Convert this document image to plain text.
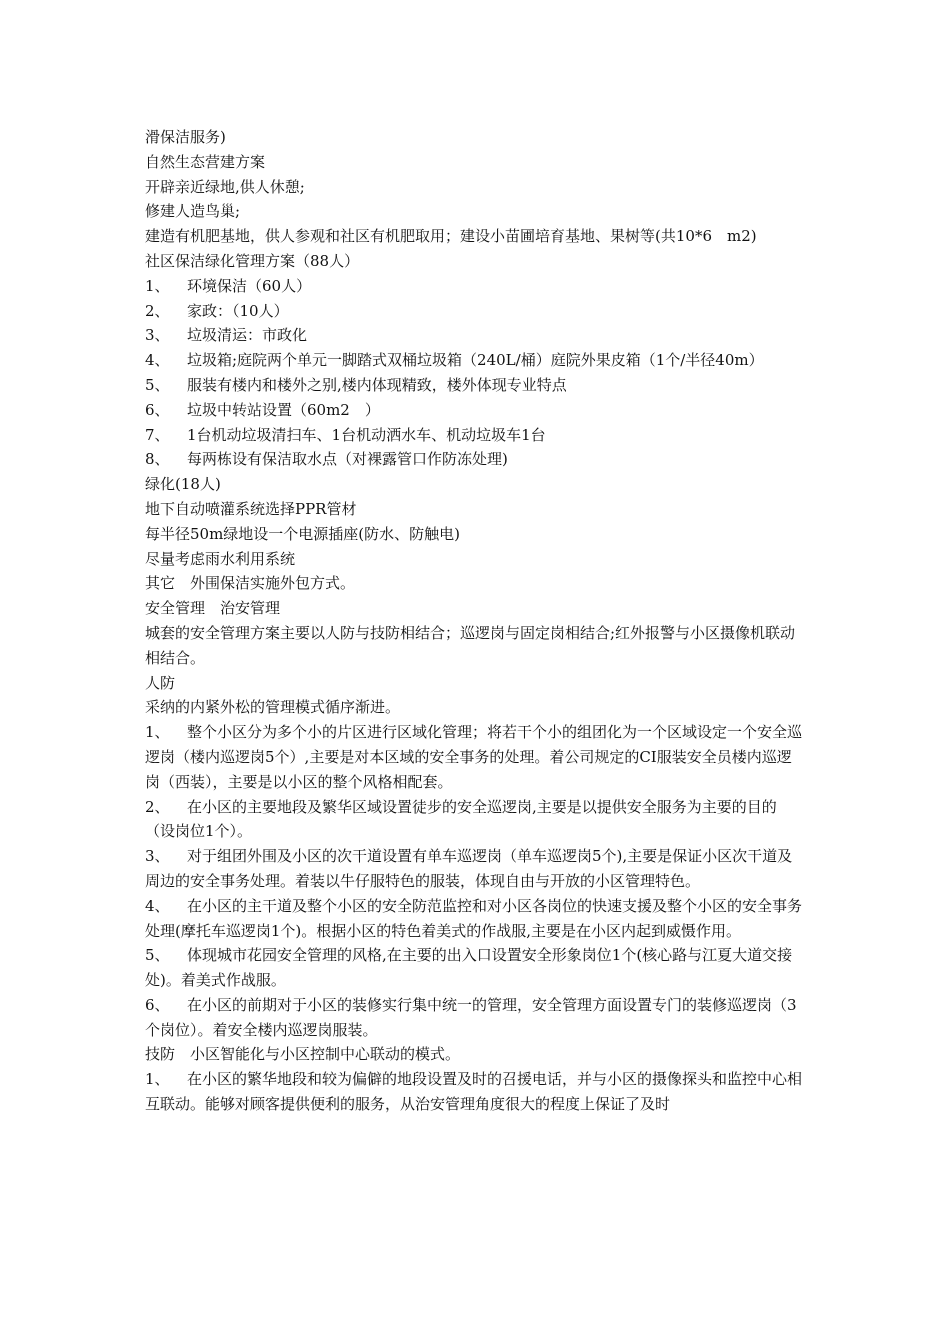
滑保洁服务)

自然生态营建方案

开辟亲近绿地,供人休憩;

修建人造鸟巢;

建造有机肥基地，供人参观和社区有机肥取用；建设小苗圃培育基地、果树等(共10*6　m2)

社区保洁绿化管理方案（88人）

1、 环境保洁（60人）

2、 家政：（10人）

3、 垃圾清运：市政化

4、 垃圾箱;庭院两个单元一脚踏式双桶垃圾箱（240L/桶）庭院外果皮箱（1个/半径40m）

5、 服装有楼内和楼外之别,楼内体现精致，楼外体现专业特点

6、 垃圾中转站设置（60m2　）

7、 1台机动垃圾清扫车、1台机动洒水车、机动垃圾车1台

8、 每两栋设有保洁取水点（对裸露管口作防冻处理)

绿化(18人)

地下自动喷灌系统选择PPR管材

每半径50m绿地设一个电源插座(防水、防触电)

尽量考虑雨水利用系统

其它　外围保洁实施外包方式。

安全管理　治安管理

城套的安全管理方案主要以人防与技防相结合；巡逻岗与固定岗相结合;红外报警与小区摄像机联动相结合。

人防

采纳的内紧外松的管理模式循序渐进。

1、 整个小区分为多个小的片区进行区域化管理；将若干个小的组团化为一个区域设定一个安全巡逻岗（楼内巡逻岗5个）,主要是对本区域的安全事务的处理。着公司规定的CI服装安全员楼内巡逻岗（西装），主要是以小区的整个风格相配套。

2、 在小区的主要地段及繁华区域设置徒步的安全巡逻岗,主要是以提供安全服务为主要的目的（设岗位1个）。

3、 对于组团外围及小区的次干道设置有单车巡逻岗（单车巡逻岗5个),主要是保证小区次干道及周边的安全事务处理。着装以牛仔服特色的服装，体现自由与开放的小区管理特色。

4、 在小区的主干道及整个小区的安全防范监控和对小区各岗位的快速支援及整个小区的安全事务处理(摩托车巡逻岗1个)。根据小区的特色着美式的作战服,主要是在小区内起到威慑作用。

5、 体现城市花园安全管理的风格,在主要的出入口设置安全形象岗位1个(核心路与江夏大道交接处)。着美式作战服。

6、 在小区的前期对于小区的装修实行集中统一的管理，安全管理方面设置专门的装修巡逻岗（3个岗位）。着安全楼内巡逻岗服装。

技防　小区智能化与小区控制中心联动的模式。

1、 在小区的繁华地段和较为偏僻的地段设置及时的召援电话，并与小区的摄像探头和监控中心相互联动。能够对顾客提供便利的服务，从治安管理角度很大的程度上保证了及时
